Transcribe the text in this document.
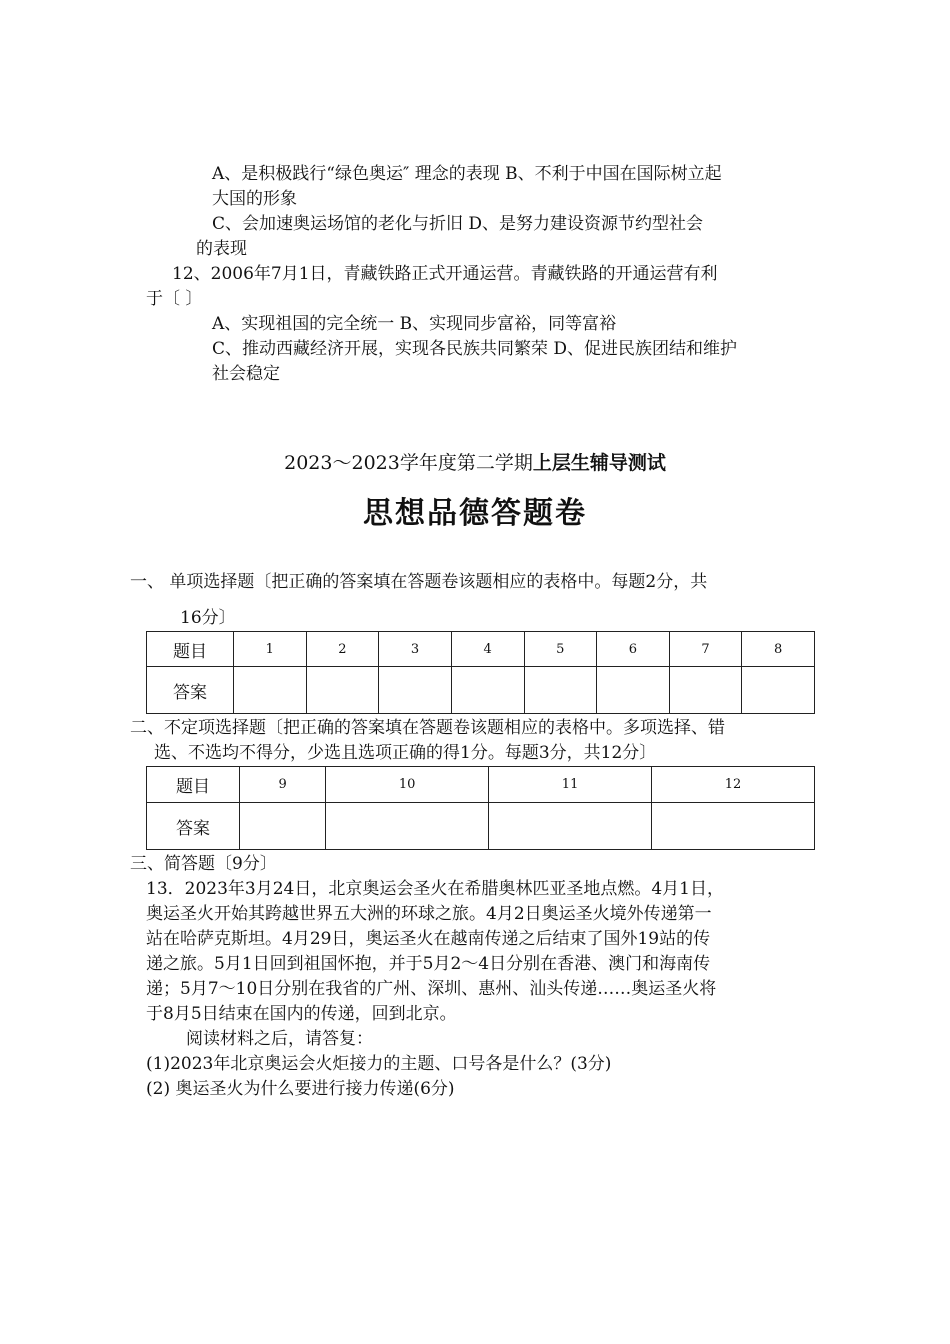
A、是积极践行“绿色奥运″ 理念的表现 B、不利于中国在国际树立起
大国的形象
C、会加速奥运场馆的老化与折旧 D、是努力建设资源节约型社会
的表现
12、2006年7月1日，青藏铁路正式开通运营。青藏铁路的开通运营有利
于〔 〕
A、实现祖国的完全统一 B、实现同步富裕，同等富裕
C、推动西藏经济开展，实现各民族共同繁荣 D、促进民族团结和维护
社会稳定
2023～2023学年度第二学期上层生辅导测试
思想品德答题卷
一、 单项选择题〔把正确的答案填在答题卷该题相应的表格中。每题2分，共
16分〕
题目	1	2	3	4	5	6	7	8
答案								
二、不定项选择题〔把正确的答案填在答题卷该题相应的表格中。多项选择、错
选、不选均不得分，少选且选项正确的得1分。每题3分，共12分〕
题目	9	10	11	12
答案				
三、简答题〔9分〕
13．2023年3月24日，北京奥运会圣火在希腊奥林匹亚圣地点燃。4月1日，
奥运圣火开始其跨越世界五大洲的环球之旅。4月2日奥运圣火境外传递第一
站在哈萨克斯坦。4月29日，奥运圣火在越南传递之后结束了国外19站的传
递之旅。5月1日回到祖国怀抱，并于5月2～4日分别在香港、澳门和海南传
递；5月7～10日分别在我省的广州、深圳、惠州、汕头传递……奥运圣火将
于8月5日结束在国内的传递，回到北京。
阅读材料之后，请答复：
(1)2023年北京奥运会火炬接力的主题、口号各是什么？(3分)
(2) 奥运圣火为什么要进行接力传递(6分)
